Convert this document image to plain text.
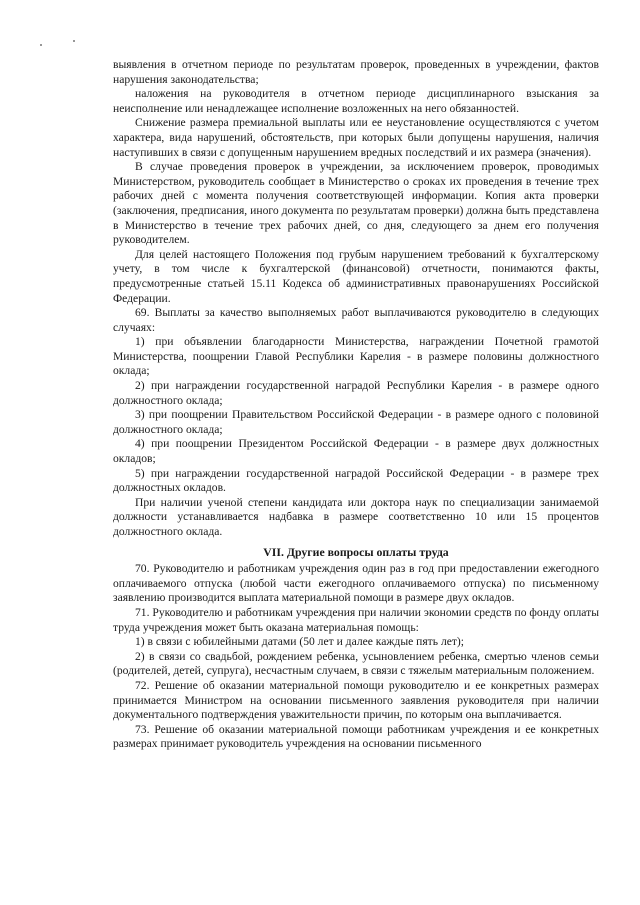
выявления в отчетном периоде по результатам проверок, проведенных в учреждении, фактов нарушения законодательства;

наложения на руководителя в отчетном периоде дисциплинарного взыскания за неисполнение или ненадлежащее исполнение возложенных на него обязанностей.

Снижение размера премиальной выплаты или ее неустановление осуществляются с учетом характера, вида нарушений, обстоятельств, при которых были допущены нарушения, наличия наступивших в связи с допущенным нарушением вредных последствий и их размера (значения).

В случае проведения проверок в учреждении, за исключением проверок, проводимых Министерством, руководитель сообщает в Министерство о сроках их проведения в течение трех рабочих дней с момента получения соответствующей информации. Копия акта проверки (заключения, предписания, иного документа по результатам проверки) должна быть представлена в Министерство в течение трех рабочих дней, со дня, следующего за днем его получения руководителем.

Для целей настоящего Положения под грубым нарушением требований к бухгалтерскому учету, в том числе к бухгалтерской (финансовой) отчетности, понимаются факты, предусмотренные статьей 15.11 Кодекса об административных правонарушениях Российской Федерации.

69. Выплаты за качество выполняемых работ выплачиваются руководителю в следующих случаях:

1) при объявлении благодарности Министерства, награждении Почетной грамотой Министерства, поощрении Главой Республики Карелия - в размере половины должностного оклада;

2) при награждении государственной наградой Республики Карелия - в размере одного должностного оклада;

3) при поощрении Правительством Российской Федерации - в размере одного с половиной должностного оклада;

4) при поощрении Президентом Российской Федерации - в размере двух должностных окладов;

5) при награждении государственной наградой Российской Федерации - в размере трех должностных окладов.

При наличии ученой степени кандидата или доктора наук по специализации занимаемой должности устанавливается надбавка в размере соответственно 10 или 15 процентов должностного оклада.

VII. Другие вопросы оплаты труда

70. Руководителю и работникам учреждения один раз в год при предоставлении ежегодного оплачиваемого отпуска (любой части ежегодного оплачиваемого отпуска) по письменному заявлению производится выплата материальной помощи в размере двух окладов.

71. Руководителю и работникам учреждения при наличии экономии средств по фонду оплаты труда учреждения может быть оказана материальная помощь:

1) в связи с юбилейными датами (50 лет и далее каждые пять лет);

2) в связи со свадьбой, рождением ребенка, усыновлением ребенка, смертью членов семьи (родителей, детей, супруга), несчастным случаем, в связи с тяжелым материальным положением.

72. Решение об оказании материальной помощи руководителю и ее конкретных размерах принимается Министром на основании письменного заявления руководителя при наличии документального подтверждения уважительности причин, по которым она выплачивается.

73. Решение об оказании материальной помощи работникам учреждения и ее конкретных размерах принимает руководитель учреждения на основании письменного
